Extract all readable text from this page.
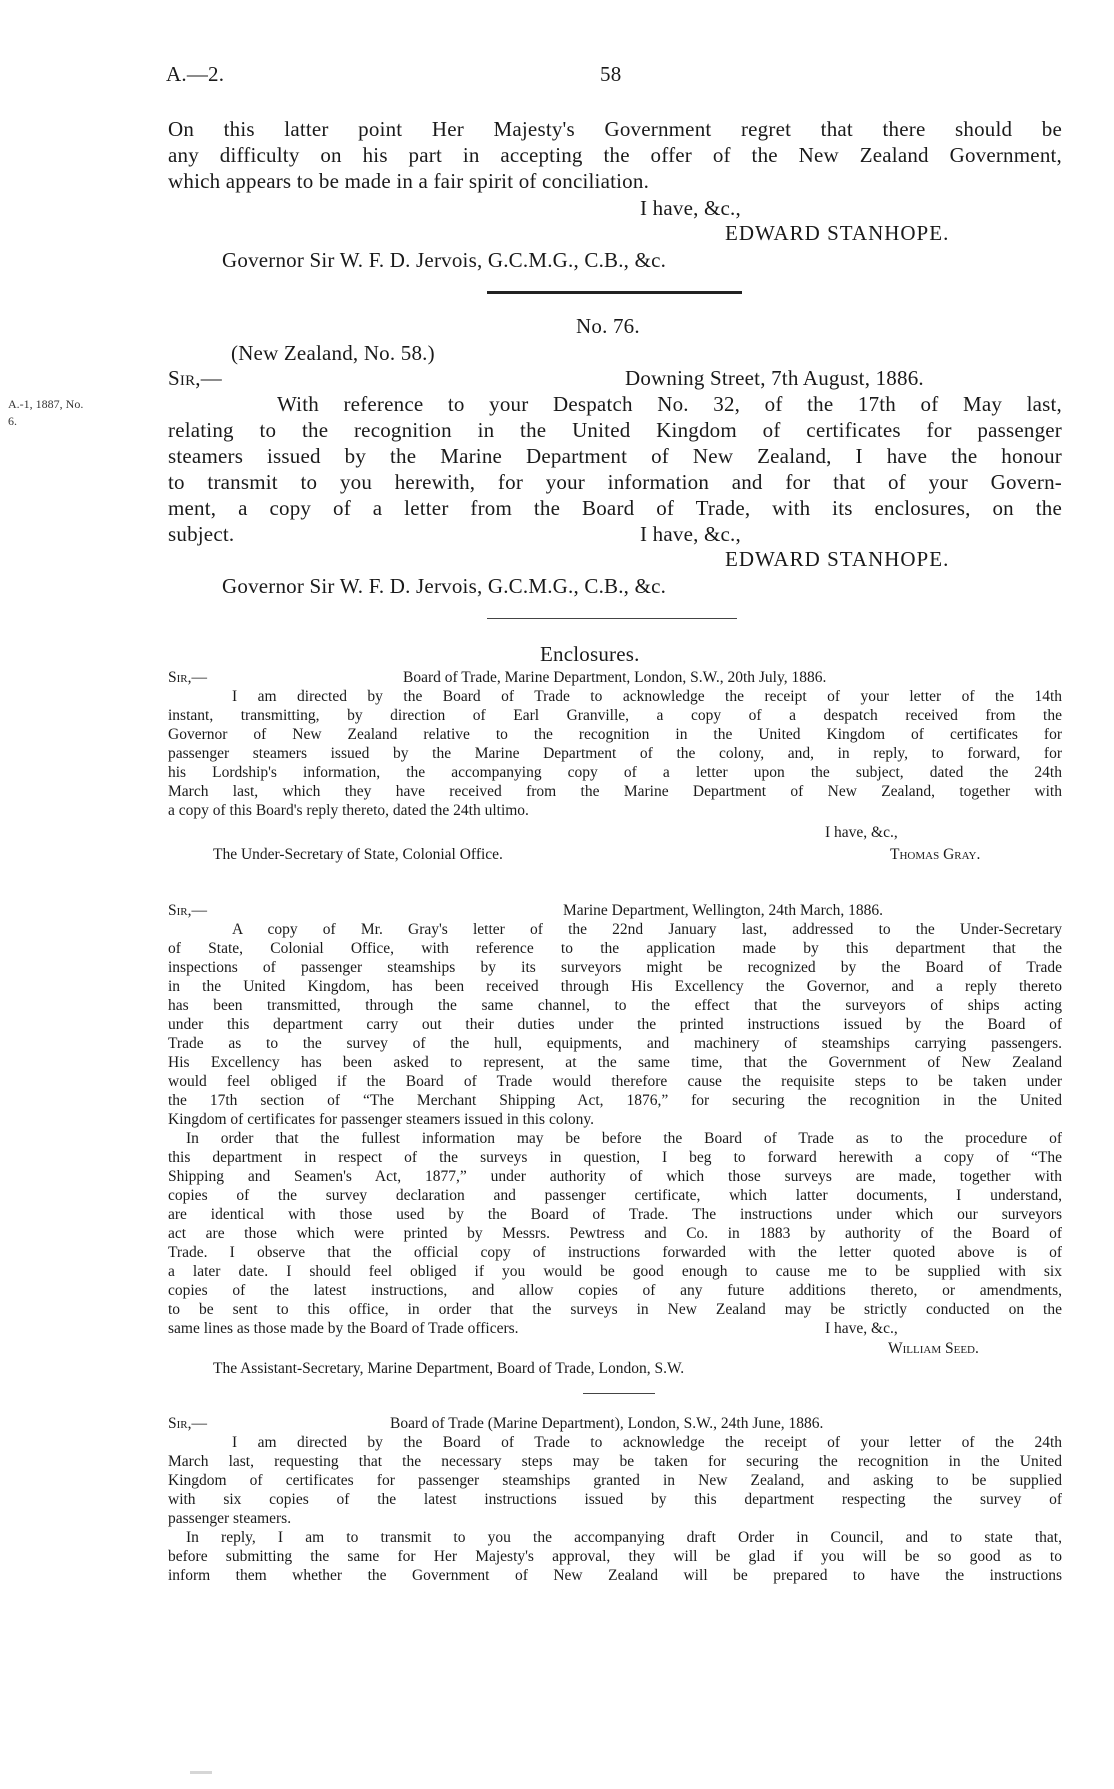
A.—2.	58
On this latter point Her Majesty's Government regret that there should be
any difficulty on his part in accepting the offer of the New Zealand Government,
which appears to be made in a fair spirit of conciliation.
I have, &c.,
EDWARD STANHOPE.
Governor Sir W. F. D. Jervois, G.C.M.G., C.B., &c.
No. 76.
(New Zealand, No. 58.)
Sir,—	Downing Street, 7th August, 1886.
A.-1, 1887, No.
6.
With reference to your Despatch No. 32, of the 17th of May last,
relating to the recognition in the United Kingdom of certificates for passenger
steamers issued by the Marine Department of New Zealand, I have the honour
to transmit to you herewith, for your information and for that of your Govern-
ment, a copy of a letter from the Board of Trade, with its enclosures, on the
subject.	I have, &c.,
EDWARD STANHOPE.
Governor Sir W. F. D. Jervois, G.C.M.G., C.B., &c.
Enclosures.
Sir,—	Board of Trade, Marine Department, London, S.W., 20th July, 1886.
I am directed by the Board of Trade to acknowledge the receipt of your letter of the 14th
instant, transmitting, by direction of Earl Granville, a copy of a despatch received from the
Governor of New Zealand relative to the recognition in the United Kingdom of certificates for
passenger steamers issued by the Marine Department of the colony, and, in reply, to forward, for
his Lordship's information, the accompanying copy of a letter upon the subject, dated the 24th
March last, which they have received from the Marine Department of New Zealand, together with
a copy of this Board's reply thereto, dated the 24th ultimo.
I have, &c.,
The Under-Secretary of State, Colonial Office.	Thomas Gray.
Sir,—	Marine Department, Wellington, 24th March, 1886.
A copy of Mr. Gray's letter of the 22nd January last, addressed to the Under-Secretary
of State, Colonial Office, with reference to the application made by this department that the
inspections of passenger steamships by its surveyors might be recognized by the Board of Trade
in the United Kingdom, has been received through His Excellency the Governor, and a reply thereto
has been transmitted, through the same channel, to the effect that the surveyors of ships acting
under this department carry out their duties under the printed instructions issued by the Board of
Trade as to the survey of the hull, equipments, and machinery of steamships carrying passengers.
His Excellency has been asked to represent, at the same time, that the Government of New Zealand
would feel obliged if the Board of Trade would therefore cause the requisite steps to be taken under
the 17th section of “The Merchant Shipping Act, 1876,” for securing the recognition in the United
Kingdom of certificates for passenger steamers issued in this colony.
In order that the fullest information may be before the Board of Trade as to the procedure of
this department in respect of the surveys in question, I beg to forward herewith a copy of “The
Shipping and Seamen's Act, 1877,” under authority of which those surveys are made, together with
copies of the survey declaration and passenger certificate, which latter documents, I understand,
are identical with those used by the Board of Trade. The instructions under which our surveyors
act are those which were printed by Messrs. Pewtress and Co. in 1883 by authority of the Board of
Trade. I observe that the official copy of instructions forwarded with the letter quoted above is of
a later date. I should feel obliged if you would be good enough to cause me to be supplied with six
copies of the latest instructions, and allow copies of any future additions thereto, or amendments,
to be sent to this office, in order that the surveys in New Zealand may be strictly conducted on the
same lines as those made by the Board of Trade officers.	I have, &c.,
William Seed.
The Assistant-Secretary, Marine Department, Board of Trade, London, S.W.
Sir,—	Board of Trade (Marine Department), London, S.W., 24th June, 1886.
I am directed by the Board of Trade to acknowledge the receipt of your letter of the 24th
March last, requesting that the necessary steps may be taken for securing the recognition in the United
Kingdom of certificates for passenger steamships granted in New Zealand, and asking to be supplied
with six copies of the latest instructions issued by this department respecting the survey of
passenger steamers.
In reply, I am to transmit to you the accompanying draft Order in Council, and to state that,
before submitting the same for Her Majesty's approval, they will be glad if you will be so good as to
inform them whether the Government of New Zealand will be prepared to have the instructions
